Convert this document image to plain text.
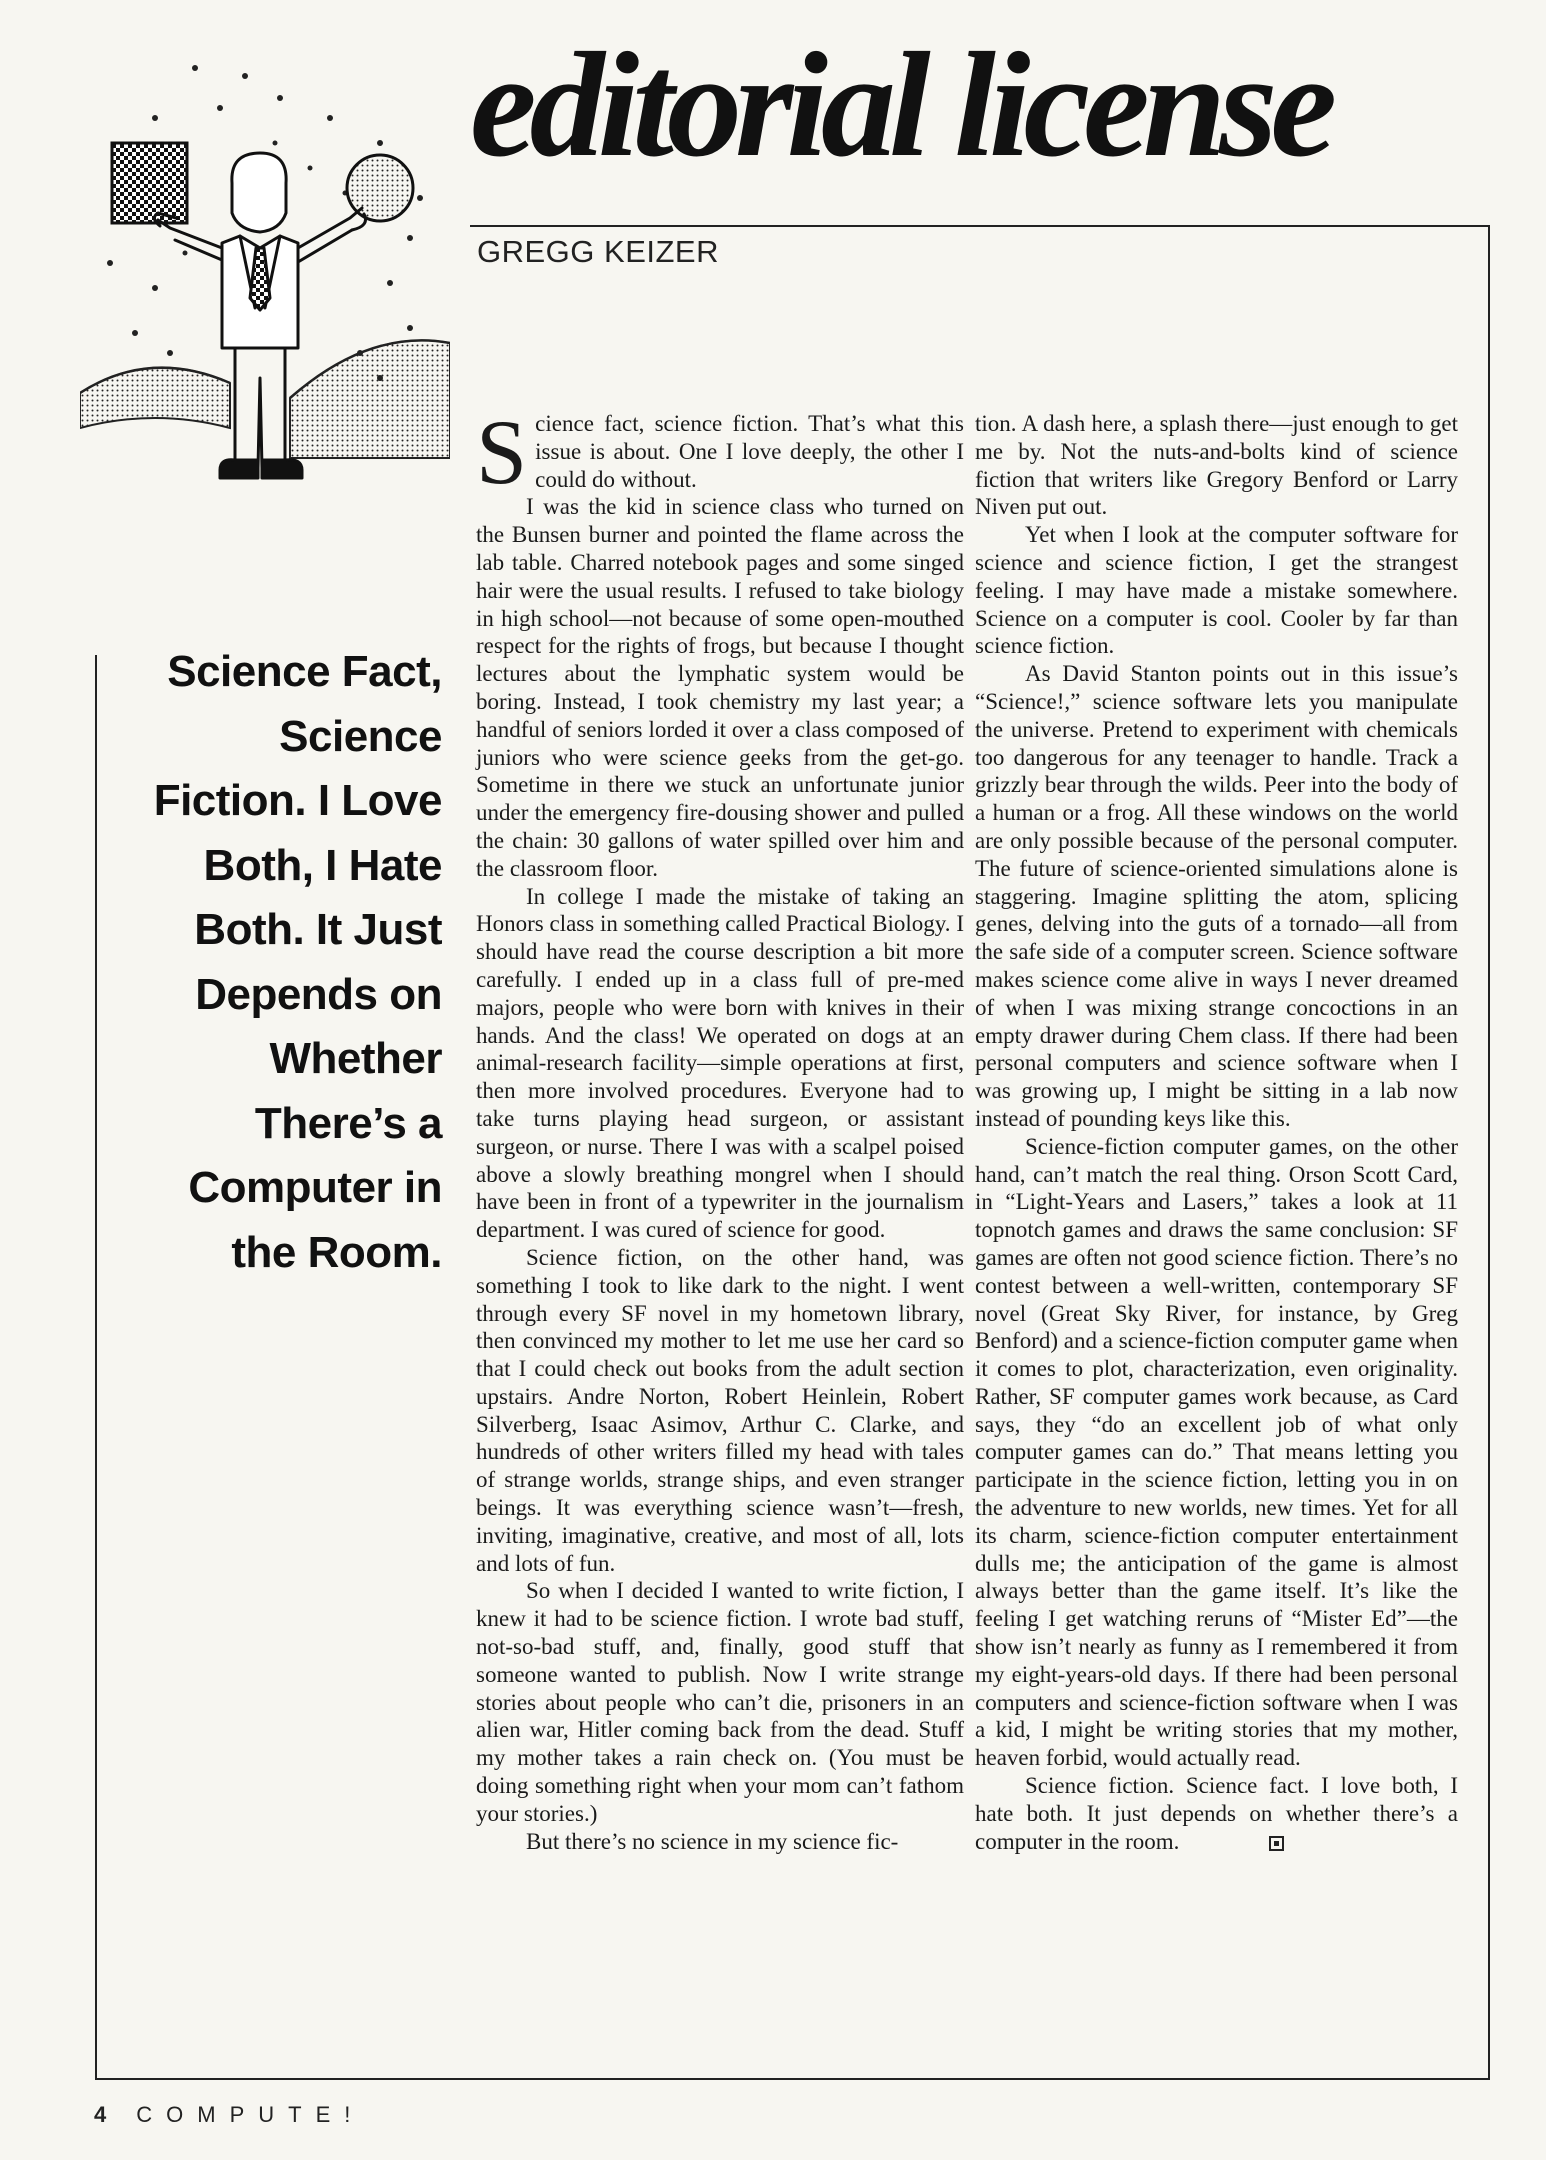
editorial license
GREGG KEIZER
Science Fact, Science Fiction. I Love Both, I Hate Both. It Just Depends on Whether There’s a Computer in the Room.

Science fact, science fiction. That’s what this issue is about. One I love deeply, the other I could do without.

I was the kid in science class who turned on the Bunsen burner and pointed the flame across the lab table. Charred notebook pages and some singed hair were the usual results. I refused to take biology in high school—not because of some open-mouthed respect for the rights of frogs, but because I thought lectures about the lymphatic system would be boring. Instead, I took chemistry my last year; a handful of seniors lorded it over a class composed of juniors who were science geeks from the get-go. Sometime in there we stuck an unfortunate junior under the emergency fire-dousing shower and pulled the chain: 30 gallons of water spilled over him and the classroom floor.

In college I made the mistake of taking an Honors class in something called Practical Biology. I should have read the course description a bit more carefully. I ended up in a class full of pre-med majors, people who were born with knives in their hands. And the class! We operated on dogs at an animal-research facility—simple operations at first, then more involved procedures. Everyone had to take turns playing head surgeon, or assistant surgeon, or nurse. There I was with a scalpel poised above a slowly breathing mongrel when I should have been in front of a typewriter in the journalism department. I was cured of science for good.

Science fiction, on the other hand, was something I took to like dark to the night. I went through every SF novel in my hometown library, then convinced my mother to let me use her card so that I could check out books from the adult section upstairs. Andre Norton, Robert Heinlein, Robert Silverberg, Isaac Asimov, Arthur C. Clarke, and hundreds of other writers filled my head with tales of strange worlds, strange ships, and even stranger beings. It was everything science wasn’t—fresh, inviting, imaginative, creative, and most of all, lots and lots of fun.

So when I decided I wanted to write fiction, I knew it had to be science fiction. I wrote bad stuff, not-so-bad stuff, and, finally, good stuff that someone wanted to publish. Now I write strange stories about people who can’t die, prisoners in an alien war, Hitler coming back from the dead. Stuff my mother takes a rain check on. (You must be doing something right when your mom can’t fathom your stories.)

But there’s no science in my science fic-

tion. A dash here, a splash there—just enough to get me by. Not the nuts-and-bolts kind of science fiction that writers like Gregory Benford or Larry Niven put out.

Yet when I look at the computer software for science and science fiction, I get the strangest feeling. I may have made a mistake somewhere. Science on a computer is cool. Cooler by far than science fiction.

As David Stanton points out in this issue’s “Science!,” science software lets you manipulate the universe. Pretend to experiment with chemicals too dangerous for any teenager to handle. Track a grizzly bear through the wilds. Peer into the body of a human or a frog. All these windows on the world are only possible because of the personal computer. The future of science-oriented simulations alone is staggering. Imagine splitting the atom, splicing genes, delving into the guts of a tornado—all from the safe side of a computer screen. Science software makes science come alive in ways I never dreamed of when I was mixing strange concoctions in an empty drawer during Chem class. If there had been personal computers and science software when I was growing up, I might be sitting in a lab now instead of pounding keys like this.

Science-fiction computer games, on the other hand, can’t match the real thing. Orson Scott Card, in “Light-Years and Lasers,” takes a look at 11 topnotch games and draws the same conclusion: SF games are often not good science fiction. There’s no contest between a well-written, contemporary SF novel (Great Sky River, for instance, by Greg Benford) and a science-fiction computer game when it comes to plot, characterization, even originality. Rather, SF computer games work because, as Card says, they “do an excellent job of what only computer games can do.” That means letting you participate in the science fiction, letting you in on the adventure to new worlds, new times. Yet for all its charm, science-fiction computer entertainment dulls me; the anticipation of the game is almost always better than the game itself. It’s like the feeling I get watching reruns of “Mister Ed”—the show isn’t nearly as funny as I remembered it from my eight-years-old days. If there had been personal computers and science-fiction software when I was a kid, I might be writing stories that my mother, heaven forbid, would actually read.

Science fiction. Science fact. I love both, I hate both. It just depends on whether there’s a computer in the room.

4 COMPUTE!
